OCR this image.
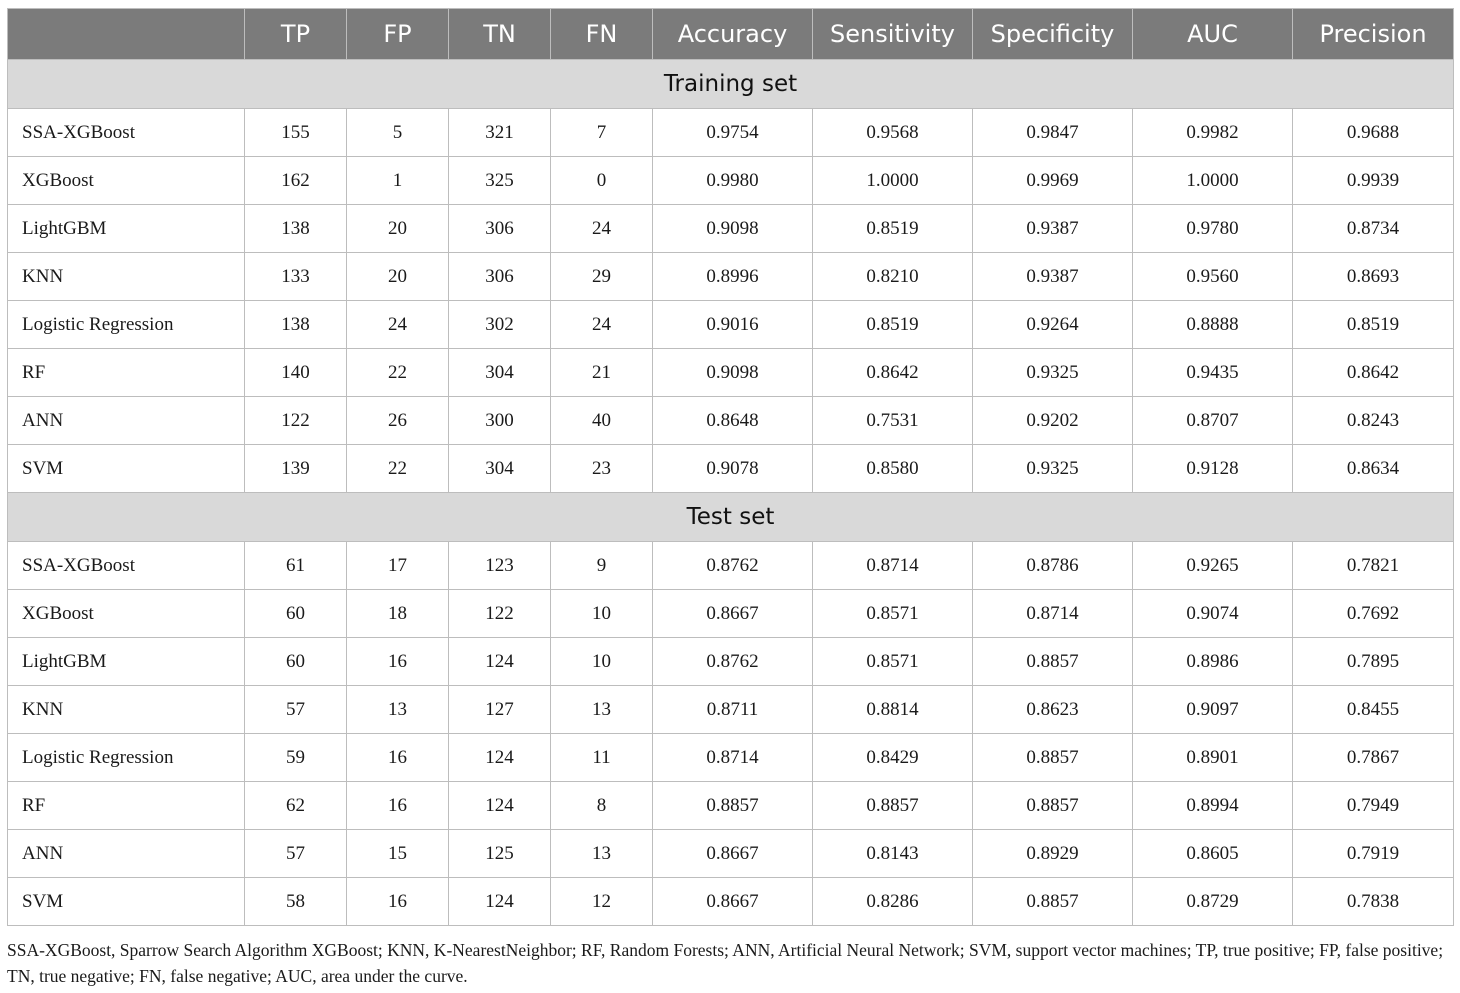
	TP	FP	TN	FN	Accuracy	Sensitivity	Specificity	AUC	Precision
Training set									
SSA-XGBoost	155	5	321	7	0.9754	0.9568	0.9847	0.9982	0.9688
XGBoost	162	1	325	0	0.9980	1.0000	0.9969	1.0000	0.9939
LightGBM	138	20	306	24	0.9098	0.8519	0.9387	0.9780	0.8734
KNN	133	20	306	29	0.8996	0.8210	0.9387	0.9560	0.8693
Logistic Regression	138	24	302	24	0.9016	0.8519	0.9264	0.8888	0.8519
RF	140	22	304	21	0.9098	0.8642	0.9325	0.9435	0.8642
ANN	122	26	300	40	0.8648	0.7531	0.9202	0.8707	0.8243
SVM	139	22	304	23	0.9078	0.8580	0.9325	0.9128	0.8634
Test set									
SSA-XGBoost	61	17	123	9	0.8762	0.8714	0.8786	0.9265	0.7821
XGBoost	60	18	122	10	0.8667	0.8571	0.8714	0.9074	0.7692
LightGBM	60	16	124	10	0.8762	0.8571	0.8857	0.8986	0.7895
KNN	57	13	127	13	0.8711	0.8814	0.8623	0.9097	0.8455
Logistic Regression	59	16	124	11	0.8714	0.8429	0.8857	0.8901	0.7867
RF	62	16	124	8	0.8857	0.8857	0.8857	0.8994	0.7949
ANN	57	15	125	13	0.8667	0.8143	0.8929	0.8605	0.7919
SVM	58	16	124	12	0.8667	0.8286	0.8857	0.8729	0.7838
SSA-XGBoost, Sparrow Search Algorithm XGBoost; KNN, K-NearestNeighbor; RF, Random Forests; ANN, Artificial Neural Network; SVM, support vector machines; TP, true positive; FP, false positive; TN, true negative; FN, false negative; AUC, area under the curve.
